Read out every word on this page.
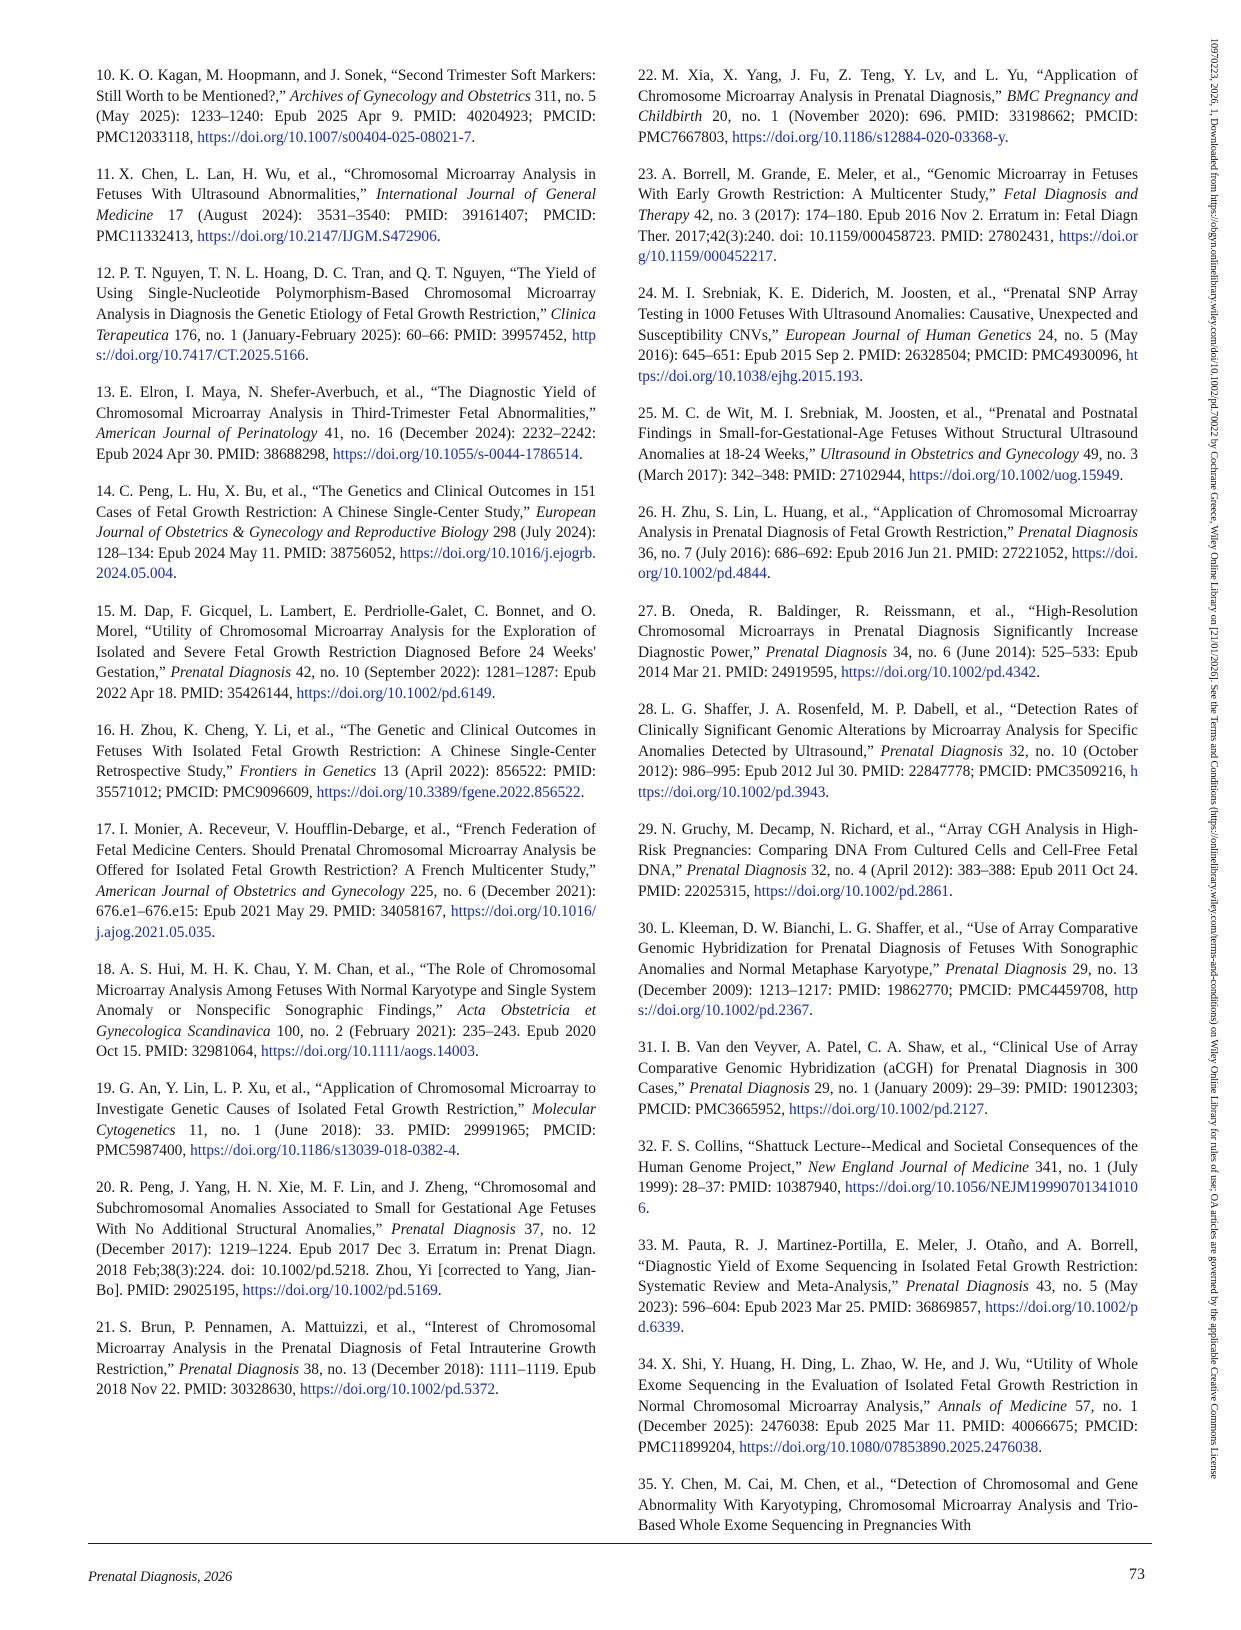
10. K. O. Kagan, M. Hoopmann, and J. Sonek, “Second Trimester Soft Markers: Still Worth to be Mentioned?,” Archives of Gynecology and Obstetrics 311, no. 5 (May 2025): 1233–1240: Epub 2025 Apr 9. PMID: 40204923; PMCID: PMC12033118, https://doi.org/10.1007/s00404-025-08021-7.

11. X. Chen, L. Lan, H. Wu, et al., “Chromosomal Microarray Analysis in Fetuses With Ultrasound Abnormalities,” International Journal of General Medicine 17 (August 2024): 3531–3540: PMID: 39161407; PMCID: PMC11332413, https://doi.org/10.2147/IJGM.S472906.

12. P. T. Nguyen, T. N. L. Hoang, D. C. Tran, and Q. T. Nguyen, “The Yield of Using Single-Nucleotide Polymorphism-Based Chromosomal Microarray Analysis in Diagnosis the Genetic Etiology of Fetal Growth Restriction,” Clinica Terapeutica 176, no. 1 (January-February 2025): 60–66: PMID: 39957452, https://doi.org/10.7417/CT.2025.5166.

13. E. Elron, I. Maya, N. Shefer-Averbuch, et al., “The Diagnostic Yield of Chromosomal Microarray Analysis in Third-Trimester Fetal Abnormalities,” American Journal of Perinatology 41, no. 16 (December 2024): 2232–2242: Epub 2024 Apr 30. PMID: 38688298, https://doi.org/10.1055/s-0044-1786514.

14. C. Peng, L. Hu, X. Bu, et al., “The Genetics and Clinical Outcomes in 151 Cases of Fetal Growth Restriction: A Chinese Single-Center Study,” European Journal of Obstetrics & Gynecology and Reproductive Biology 298 (July 2024): 128–134: Epub 2024 May 11. PMID: 38756052, https://doi.org/10.1016/j.ejogrb.2024.05.004.

15. M. Dap, F. Gicquel, L. Lambert, E. Perdriolle-Galet, C. Bonnet, and O. Morel, “Utility of Chromosomal Microarray Analysis for the Exploration of Isolated and Severe Fetal Growth Restriction Diagnosed Before 24 Weeks' Gestation,” Prenatal Diagnosis 42, no. 10 (September 2022): 1281–1287: Epub 2022 Apr 18. PMID: 35426144, https://doi.org/10.1002/pd.6149.

16. H. Zhou, K. Cheng, Y. Li, et al., “The Genetic and Clinical Outcomes in Fetuses With Isolated Fetal Growth Restriction: A Chinese Single-Center Retrospective Study,” Frontiers in Genetics 13 (April 2022): 856522: PMID: 35571012; PMCID: PMC9096609, https://doi.org/10.3389/fgene.2022.856522.

17. I. Monier, A. Receveur, V. Houfflin-Debarge, et al., “French Federation of Fetal Medicine Centers. Should Prenatal Chromosomal Microarray Analysis be Offered for Isolated Fetal Growth Restriction? A French Multicenter Study,” American Journal of Obstetrics and Gynecology 225, no. 6 (December 2021): 676.e1–676.e15: Epub 2021 May 29. PMID: 34058167, https://doi.org/10.1016/j.ajog.2021.05.035.

18. A. S. Hui, M. H. K. Chau, Y. M. Chan, et al., “The Role of Chromosomal Microarray Analysis Among Fetuses With Normal Karyotype and Single System Anomaly or Nonspecific Sonographic Findings,” Acta Obstetricia et Gynecologica Scandinavica 100, no. 2 (February 2021): 235–243. Epub 2020 Oct 15. PMID: 32981064, https://doi.org/10.1111/aogs.14003.

19. G. An, Y. Lin, L. P. Xu, et al., “Application of Chromosomal Microarray to Investigate Genetic Causes of Isolated Fetal Growth Restriction,” Molecular Cytogenetics 11, no. 1 (June 2018): 33. PMID: 29991965; PMCID: PMC5987400, https://doi.org/10.1186/s13039-018-0382-4.

20. R. Peng, J. Yang, H. N. Xie, M. F. Lin, and J. Zheng, “Chromosomal and Subchromosomal Anomalies Associated to Small for Gestational Age Fetuses With No Additional Structural Anomalies,” Prenatal Diagnosis 37, no. 12 (December 2017): 1219–1224. Epub 2017 Dec 3. Erratum in: Prenat Diagn. 2018 Feb;38(3):224. doi: 10.1002/pd.5218. Zhou, Yi [corrected to Yang, Jian-Bo]. PMID: 29025195, https://doi.org/10.1002/pd.5169.

21. S. Brun, P. Pennamen, A. Mattuizzi, et al., “Interest of Chromosomal Microarray Analysis in the Prenatal Diagnosis of Fetal Intrauterine Growth Restriction,” Prenatal Diagnosis 38, no. 13 (December 2018): 1111–1119. Epub 2018 Nov 22. PMID: 30328630, https://doi.org/10.1002/pd.5372.

22. M. Xia, X. Yang, J. Fu, Z. Teng, Y. Lv, and L. Yu, “Application of Chromosome Microarray Analysis in Prenatal Diagnosis,” BMC Pregnancy and Childbirth 20, no. 1 (November 2020): 696. PMID: 33198662; PMCID: PMC7667803, https://doi.org/10.1186/s12884-020-03368-y.

23. A. Borrell, M. Grande, E. Meler, et al., “Genomic Microarray in Fetuses With Early Growth Restriction: A Multicenter Study,” Fetal Diagnosis and Therapy 42, no. 3 (2017): 174–180. Epub 2016 Nov 2. Erratum in: Fetal Diagn Ther. 2017;42(3):240. doi: 10.1159/000458723. PMID: 27802431, https://doi.org/10.1159/000452217.

24. M. I. Srebniak, K. E. Diderich, M. Joosten, et al., “Prenatal SNP Array Testing in 1000 Fetuses With Ultrasound Anomalies: Causative, Unexpected and Susceptibility CNVs,” European Journal of Human Genetics 24, no. 5 (May 2016): 645–651: Epub 2015 Sep 2. PMID: 26328504; PMCID: PMC4930096, https://doi.org/10.1038/ejhg.2015.193.

25. M. C. de Wit, M. I. Srebniak, M. Joosten, et al., “Prenatal and Postnatal Findings in Small-for-Gestational-Age Fetuses Without Structural Ultrasound Anomalies at 18-24 Weeks,” Ultrasound in Obstetrics and Gynecology 49, no. 3 (March 2017): 342–348: PMID: 27102944, https://doi.org/10.1002/uog.15949.

26. H. Zhu, S. Lin, L. Huang, et al., “Application of Chromosomal Microarray Analysis in Prenatal Diagnosis of Fetal Growth Restriction,” Prenatal Diagnosis 36, no. 7 (July 2016): 686–692: Epub 2016 Jun 21. PMID: 27221052, https://doi.org/10.1002/pd.4844.

27. B. Oneda, R. Baldinger, R. Reissmann, et al., “High-Resolution Chromosomal Microarrays in Prenatal Diagnosis Significantly Increase Diagnostic Power,” Prenatal Diagnosis 34, no. 6 (June 2014): 525–533: Epub 2014 Mar 21. PMID: 24919595, https://doi.org/10.1002/pd.4342.

28. L. G. Shaffer, J. A. Rosenfeld, M. P. Dabell, et al., “Detection Rates of Clinically Significant Genomic Alterations by Microarray Analysis for Specific Anomalies Detected by Ultrasound,” Prenatal Diagnosis 32, no. 10 (October 2012): 986–995: Epub 2012 Jul 30. PMID: 22847778; PMCID: PMC3509216, https://doi.org/10.1002/pd.3943.

29. N. Gruchy, M. Decamp, N. Richard, et al., “Array CGH Analysis in High-Risk Pregnancies: Comparing DNA From Cultured Cells and Cell-Free Fetal DNA,” Prenatal Diagnosis 32, no. 4 (April 2012): 383–388: Epub 2011 Oct 24. PMID: 22025315, https://doi.org/10.1002/pd.2861.

30. L. Kleeman, D. W. Bianchi, L. G. Shaffer, et al., “Use of Array Comparative Genomic Hybridization for Prenatal Diagnosis of Fetuses With Sonographic Anomalies and Normal Metaphase Karyotype,” Prenatal Diagnosis 29, no. 13 (December 2009): 1213–1217: PMID: 19862770; PMCID: PMC4459708, https://doi.org/10.1002/pd.2367.

31. I. B. Van den Veyver, A. Patel, C. A. Shaw, et al., “Clinical Use of Array Comparative Genomic Hybridization (aCGH) for Prenatal Diagnosis in 300 Cases,” Prenatal Diagnosis 29, no. 1 (January 2009): 29–39: PMID: 19012303; PMCID: PMC3665952, https://doi.org/10.1002/pd.2127.

32. F. S. Collins, “Shattuck Lecture--Medical and Societal Consequences of the Human Genome Project,” New England Journal of Medicine 341, no. 1 (July 1999): 28–37: PMID: 10387940, https://doi.org/10.1056/NEJM199907013410106.

33. M. Pauta, R. J. Martinez-Portilla, E. Meler, J. Otaño, and A. Borrell, “Diagnostic Yield of Exome Sequencing in Isolated Fetal Growth Restriction: Systematic Review and Meta-Analysis,” Prenatal Diagnosis 43, no. 5 (May 2023): 596–604: Epub 2023 Mar 25. PMID: 36869857, https://doi.org/10.1002/pd.6339.

34. X. Shi, Y. Huang, H. Ding, L. Zhao, W. He, and J. Wu, “Utility of Whole Exome Sequencing in the Evaluation of Isolated Fetal Growth Restriction in Normal Chromosomal Microarray Analysis,” Annals of Medicine 57, no. 1 (December 2025): 2476038: Epub 2025 Mar 11. PMID: 40066675; PMCID: PMC11899204, https://doi.org/10.1080/07853890.2025.2476038.

35. Y. Chen, M. Cai, M. Chen, et al., “Detection of Chromosomal and Gene Abnormality With Karyotyping, Chromosomal Microarray Analysis and Trio-Based Whole Exome Sequencing in Pregnancies With

Prenatal Diagnosis, 2026	73
10970223, 2026, 1, Downloaded from https://obgyn.onlinelibrary.wiley.com/doi/10.1002/pd.70022 by Cochrane Greece, Wiley Online Library on [21/01/2026]. See the Terms and Conditions (https://onlinelibrary.wiley.com/terms-and-conditions) on Wiley Online Library for rules of use; OA articles are governed by the applicable Creative Commons License
